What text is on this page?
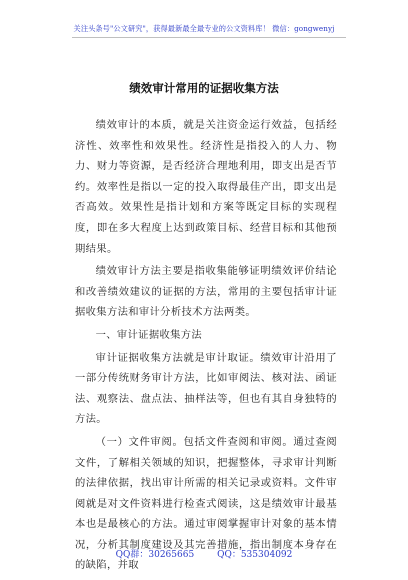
关注头条号"公文研究"，获得最新最全最专业的公文资料库！ 微信：gongwenyj
绩效审计常用的证据收集方法

绩效审计的本质，就是关注资金运行效益，包括经济性、效率性和效果性。经济性是指投入的人力、物力、财力等资源，是否经济合理地利用，即支出是否节约。效率性是指以一定的投入取得最佳产出，即支出是否高效。效果性是指计划和方案等既定目标的实现程度，即在多大程度上达到政策目标、经营目标和其他预期结果。

绩效审计方法主要是指收集能够证明绩效评价结论和改善绩效建议的证据的方法，常用的主要包括审计证据收集方法和审计分析技术方法两类。

一、审计证据收集方法

审计证据收集方法就是审计取证。绩效审计沿用了一部分传统财务审计方法，比如审阅法、核对法、函证法、观察法、盘点法、抽样法等，但也有其自身独特的方法。

（一）文件审阅。包括文件查阅和审阅。通过查阅文件，了解相关领域的知识，把握整体，寻求审计判断的法律依据，找出审计所需的相关记录或资料。文件审阅就是对文件资料进行检查式阅读，这是绩效审计最基本也是最核心的方法。通过审阅掌握审计对象的基本情况，分析其制度建设及其完善措施，指出制度本身存在的缺陷，并取

QQ群：30265665	QQ：535304092
